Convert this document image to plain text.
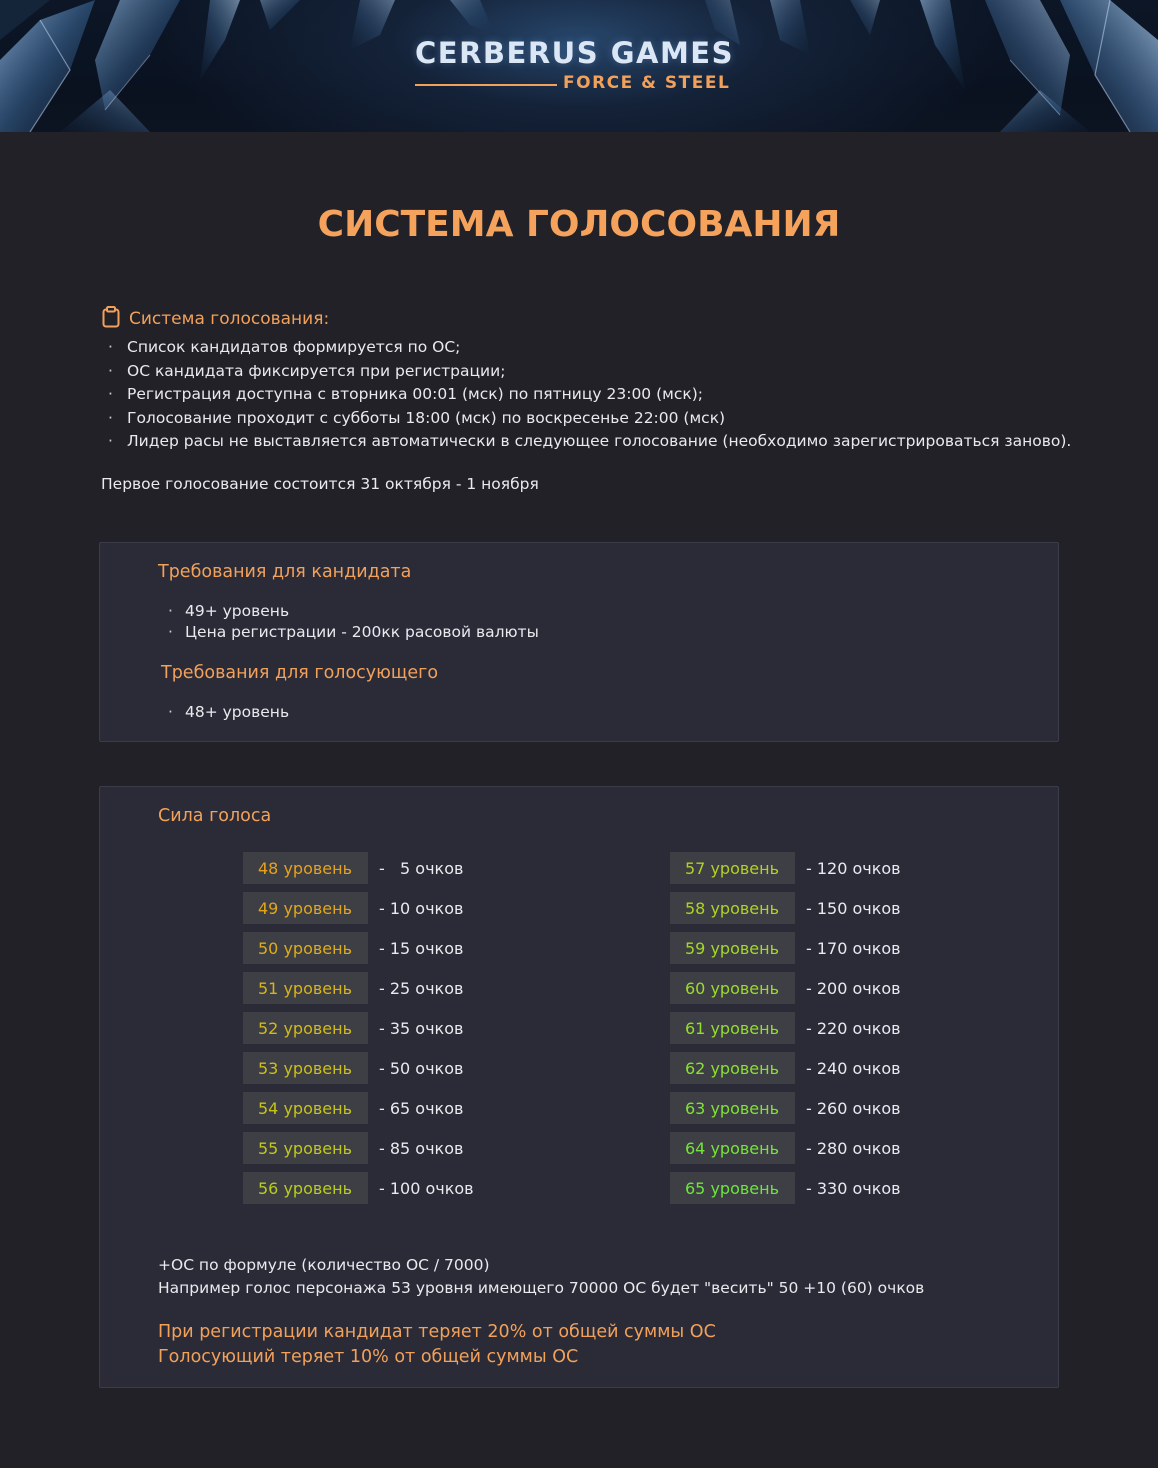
CERBERUS GAMES
FORCE & STEEL
СИСТЕМА ГОЛОСОВАНИЯ
Система голосования:
· Список кандидатов формируется по ОС;
· ОС кандидата фиксируется при регистрации;
· Регистрация доступна с вторника 00:01 (мск) по пятницу 23:00 (мск);
· Голосование проходит с субботы 18:00 (мск) по воскресенье 22:00 (мск)
· Лидер расы не выставляется автоматически в следующее голосование (необходимо зарегистрироваться заново).
Первое голосование состоится 31 октября - 1 ноября
Требования для кандидата
· 49+ уровень
· Цена регистрации - 200кк расовой валюты
Требования для голосующего
· 48+ уровень
Сила голоса
48 уровень	-   5 очков
49 уровень	- 10 очков
50 уровень	- 15 очков
51 уровень	- 25 очков
52 уровень	- 35 очков
53 уровень	- 50 очков
54 уровень	- 65 очков
55 уровень	- 85 очков
56 уровень	- 100 очков
57 уровень	- 120 очков
58 уровень	- 150 очков
59 уровень	- 170 очков
60 уровень	- 200 очков
61 уровень	- 220 очков
62 уровень	- 240 очков
63 уровень	- 260 очков
64 уровень	- 280 очков
65 уровень	- 330 очков
+ОС по формуле (количество ОС / 7000)
Например голос персонажа 53 уровня имеющего 70000 ОС будет "весить" 50 +10 (60) очков
При регистрации кандидат теряет 20% от общей суммы ОС
Голосующий теряет 10% от общей суммы ОС
